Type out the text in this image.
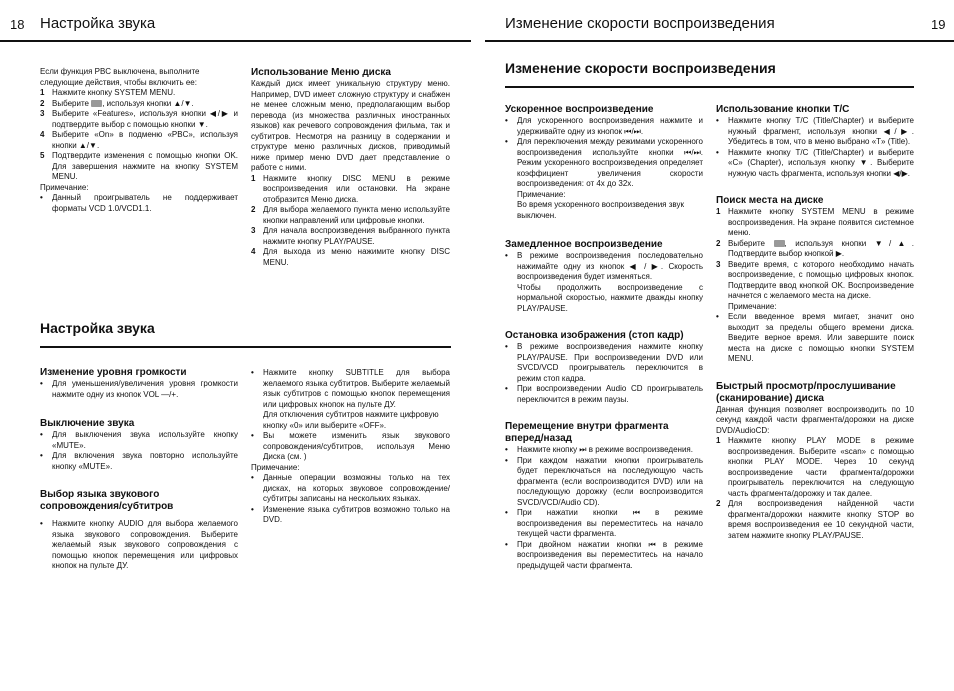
18 Настройка звука	Изменение скорости воспроизведения	19

Если функция PBC выключена, выполните следующие действия, чтобы включить ее:

1 Нажмите кнопку SYSTEM MENU.

2 Выберите , используя кнопки ▲/▼.

3 Выберите «Features», используя кнопки ◀/▶ и подтвердите выбор с помощью кнопки ▼.

4 Выберите «On» в подменю «PBC», используя кнопки ▲/▼.

5 Подтвердите изменения с помощью кнопки OK. Для завершения нажмите на кнопку SYSTEM MENU.

Примечание:

• Данный проигрыватель не поддерживает форматы VCD 1.0/VCD1.1.

Использование Меню диска

Каждый диск имеет уникальную структуру меню. Например, DVD имеет сложную структуру и снабжен не менее сложным меню, предполагающим выбор перевода (из множества различных иностранных языков) как речевого сопровождения фильма, так и субтитров. Несмотря на разницу в содержании и структуре меню различных дисков, приводимый ниже пример меню DVD дает представление о работе с ними.

1 Нажмите кнопку DISC MENU в режиме воспроизведения или остановки. На экране отобразится Меню диска.

2 Для выбора желаемого пункта меню используйте кнопки направлений или цифровые кнопки.

3 Для начала воспроизведения выбранного пункта нажмите кнопку PLAY/PAUSE.

4 Для выхода из меню нажимите кнопку DISC MENU.

Настройка звука

Изменение уровня громкости

• Для уменьшения/увеличения уровня громкости нажмите одну из кнопок VOL —/+.

Выключение звука

• Для выключения звука используйте кнопку «MUTE».

• Для включения звука повторно используйте кнопку «MUTE».

Выбор языка звукового сопровождения/субтитров

• Нажмите кнопку AUDIO для выбора желаемого языка звукового сопровождения. Выберите желаемый язык звукового сопровождения с помощью кнопок перемещения или цифровых кнопок на пульте ДУ.

• Нажмите кнопку SUBTITLE для выбора желаемого языка субтитров. Выберите желаемый язык субтитров с помощью кнопок перемещения или цифровых кнопок на пульте ДУ.

Для отключения субтитров нажмите цифровую кнопку «0» или выберите «OFF».

• Вы можете изменить язык звукового сопровождения/субтитров, используя Меню Диска (см. )

Примечание:

• Данные операции возможны только на тех дисках, на которых звуковое сопровождение/субтитры записаны на нескольких языках.

• Изменение языка субтитров возможно только на DVD.

Изменение скорости воспроизведения

Ускоренное воспроизведение

• Для ускоренного воспроизведения нажмите и удерживайте одну из кнопок ⏮/⏭.

• Для переключения между режимами ускоренного воспроизведения используйте кнопки ⏮/⏭. Режим ускоренного воспроизведения определяет коэффициент увеличения скорости воспроизведения: от 4x до 32x.

Примечание:

Во время ускоренного воспроизведения звук выключен.

Замедленное воспроизведение

• В режиме воспроизведения последовательно нажимайте одну из кнопок ◀ / ▶. Скорость воспроизведения будет изменяться.

Чтобы продолжить воспроизведение с нормальной скоростью, нажмите дважды кнопку PLAY/PAUSE.

Остановка изображения (стоп кадр)

• В режиме воспроизведения нажмите кнопку PLAY/PAUSE. При воспроизведении DVD или SVCD/VCD проигрыватель переключится в режим стоп кадра.

• При воспроизведении Audio CD проигрыватель переключится в режим паузы.

Перемещение внутри фрагмента вперед/назад

• Нажмите кнопку ⏭ в режиме воспроизведения.

• При каждом нажатии кнопки проигрыватель будет переключаться на последующую часть фрагмента (если воспроизводится DVD) или на последующую дорожку (если воспроизводится SVCD/VCD/Audio CD).

• При нажатии кнопки ⏮ в режиме воспроизведения вы переместитесь на начало текущей части фрагмента.

• При двойном нажатии кнопки ⏮ в режиме воспроизведения вы переместитесь на начало предыдущей части фрагмента.

Использование кнопки T/C

• Нажмите кнопку T/C (Title/Chapter) и выберите нужный фрагмент, используя кнопки ◀/▶. Убедитесь в том, что в меню выбрано «T» (Title).

• Нажмите кнопку T/C (Title/Chapter) и выберите «C» (Chapter), используя кнопку ▼. Выберите нужную часть фрагмента, используя кнопки ◀/▶.

Поиск места на диске

1 Нажмите кнопку SYSTEM MENU в режиме воспроизведения. На экране появится системное меню.

2 Выберите , используя кнопки ▼/▲. Подтвердите выбор кнопкой ▶.

3 Введите время, с которого необходимо начать воспроизведение, с помощью цифровых кнопок. Подтвердите ввод кнопкой OK. Воспроизведение начнется с желаемого места на диске.

Примечание:

• Если введенное время мигает, значит оно выходит за пределы общего времени диска. Введите верное время. Или завершите поиск места на диске с помощью кнопки SYSTEM MENU.

Быстрый просмотр/прослушивание (сканирование) диска

Данная функция позволяет воспроизводить по 10 секунд каждой части фрагмента/дорожки на диске DVD/AudioCD:

1 Нажмите кнопку PLAY MODE в режиме воспроизведения. Выберите «scan» с помощью кнопки PLAY MODE. Через 10 секунд воспроизведение части фрагмента/дорожки проигрыватель переключится на следующую часть фрагмента/дорожку и так далее.

2 Для воспроизведения найденной части фрагмента/дорожки нажмите кнопку STOP во время воспроизведения ее 10 секундной части, затем нажмите кнопку PLAY/PAUSE.
